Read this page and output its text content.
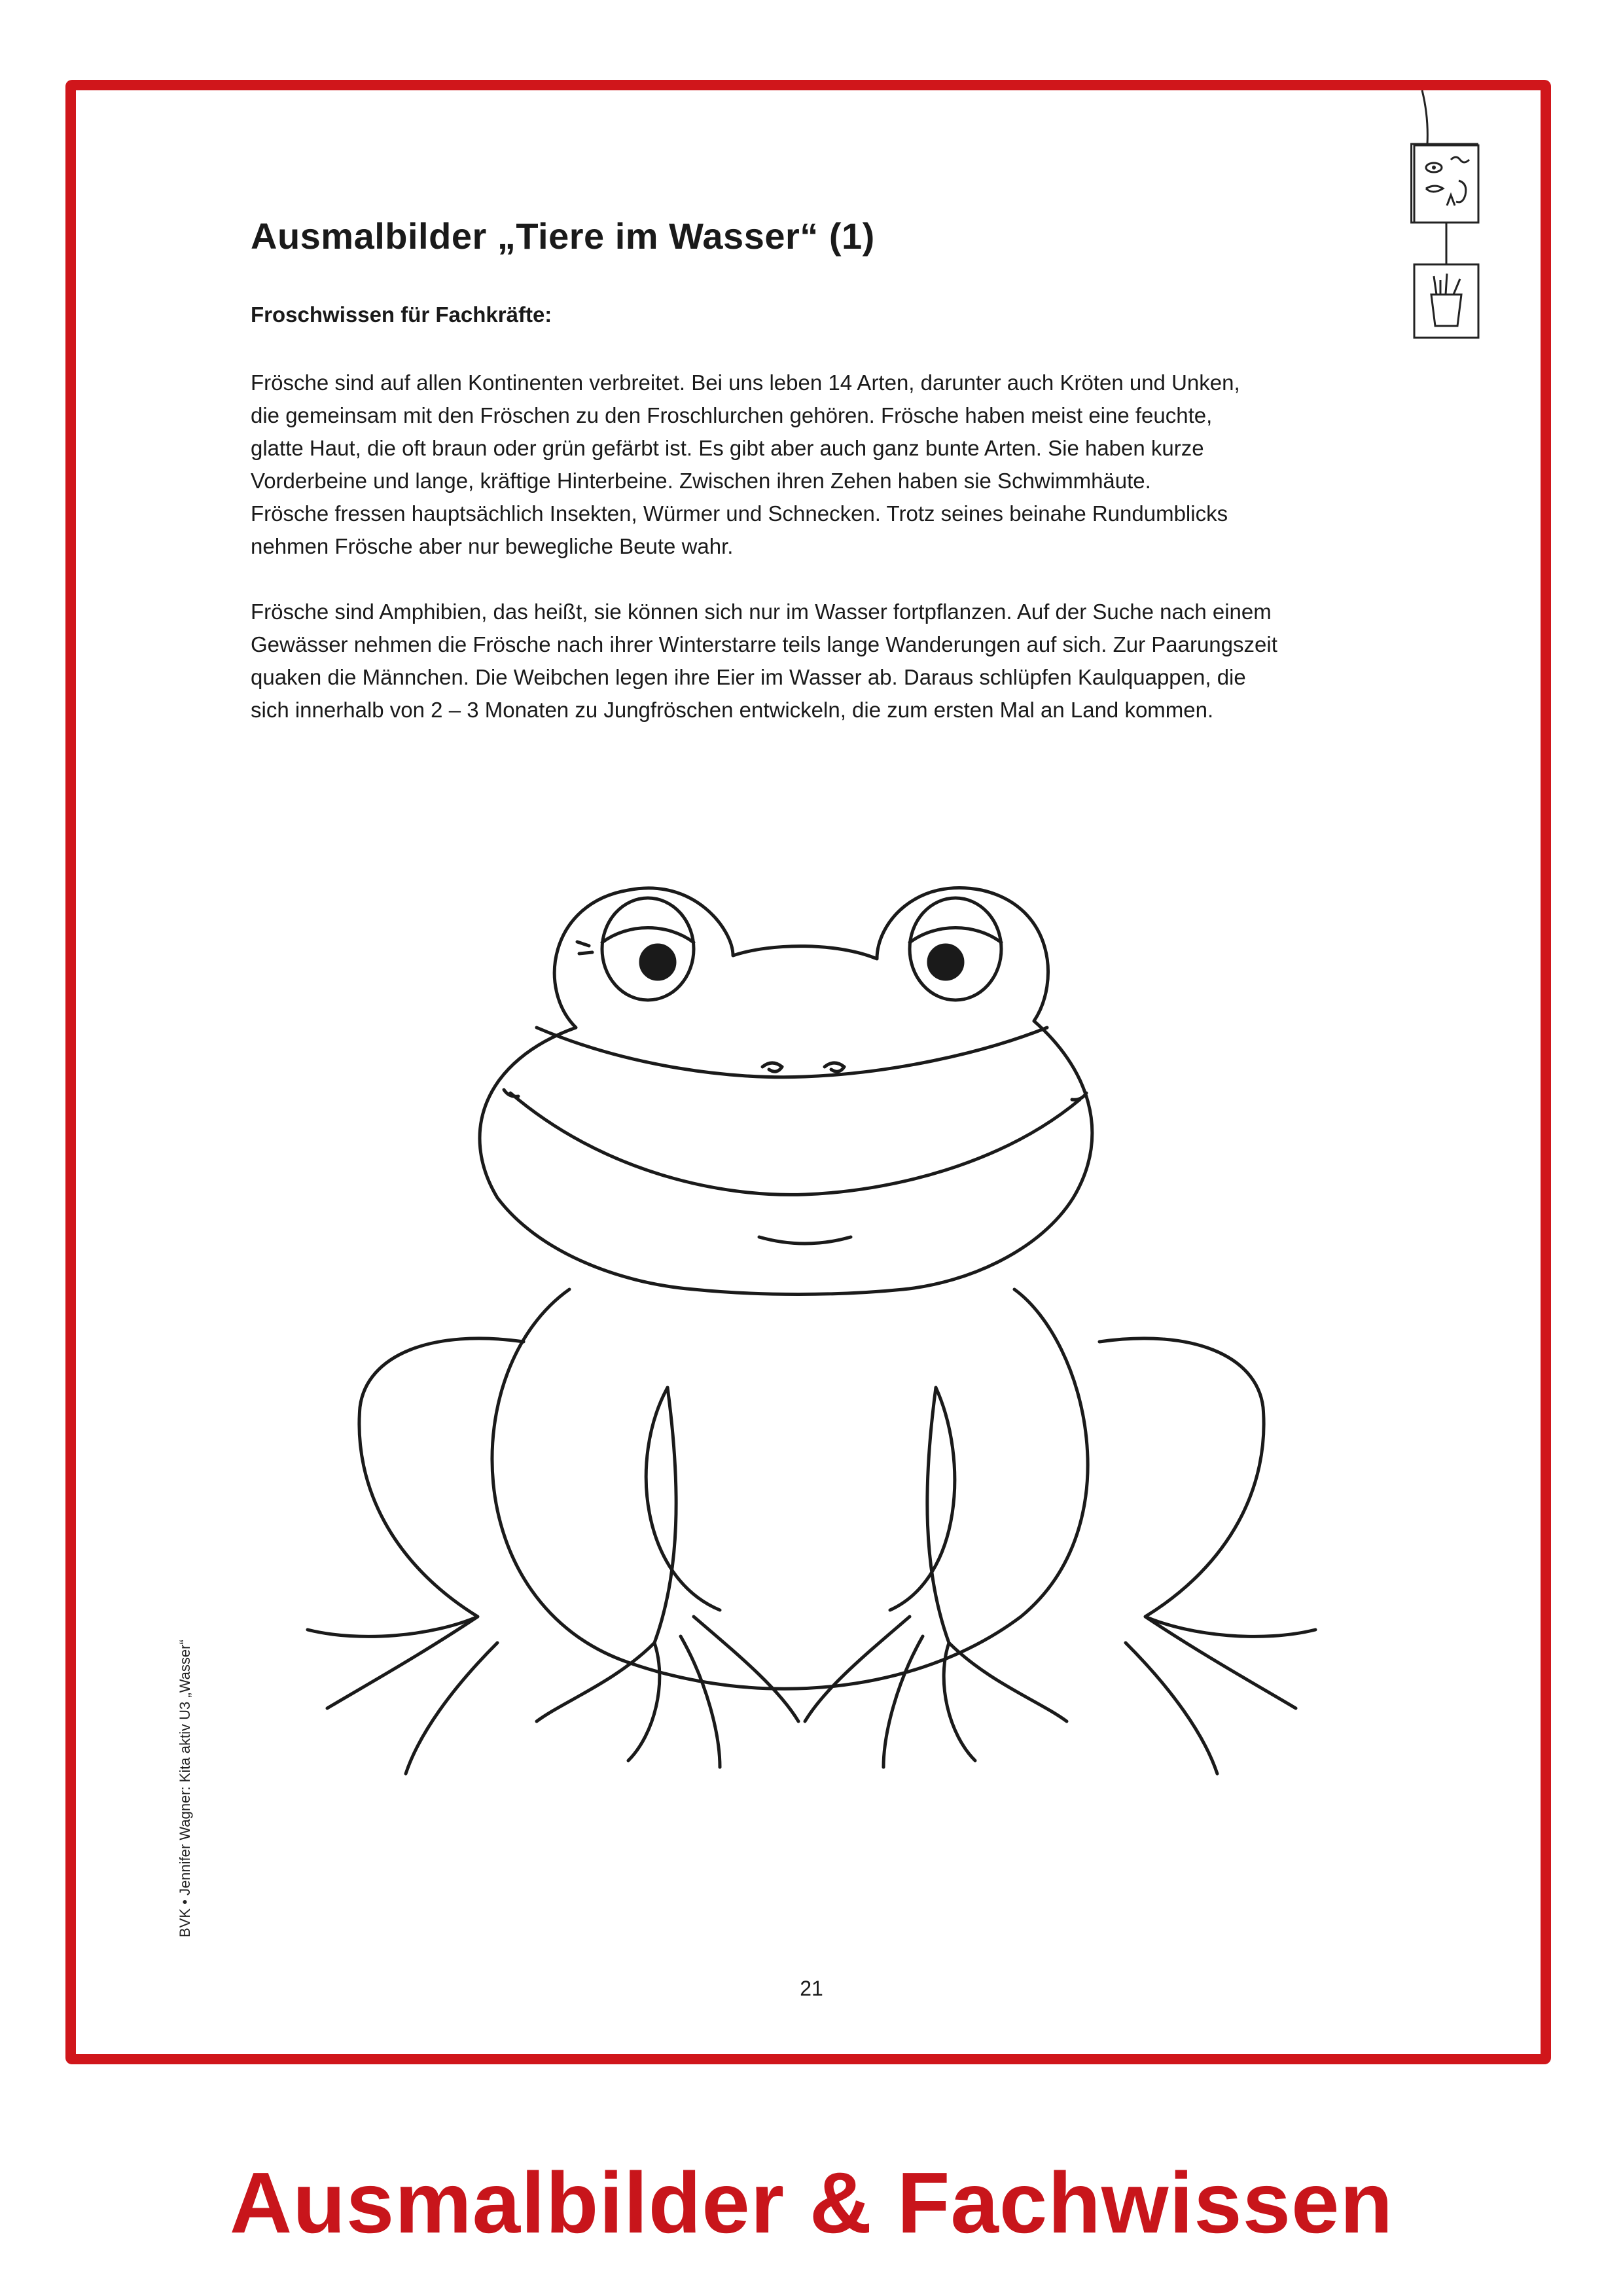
Ausmalbilder „Tiere im Wasser“ (1)
Froschwissen für Fachkräfte:

Frösche sind auf allen Kontinenten verbreitet. Bei uns leben 14 Arten, darunter auch Kröten und Unken,

die gemeinsam mit den Fröschen zu den Froschlurchen gehören. Frösche haben meist eine feuchte,

glatte Haut, die oft braun oder grün gefärbt ist. Es gibt aber auch ganz bunte Arten. Sie haben kurze

Vorderbeine und lange, kräftige Hinterbeine. Zwischen ihren Zehen haben sie Schwimmhäute.

Frösche fressen hauptsächlich Insekten, Würmer und Schnecken. Trotz seines beinahe Rundumblicks

nehmen Frösche aber nur bewegliche Beute wahr.

Frösche sind Amphibien, das heißt, sie können sich nur im Wasser fortpflanzen. Auf der Suche nach einem

Gewässer nehmen die Frösche nach ihrer Winterstarre teils lange Wanderungen auf sich. Zur Paarungszeit

quaken die Männchen. Die Weibchen legen ihre Eier im Wasser ab. Daraus schlüpfen Kaulquappen, die

sich innerhalb von 2 – 3 Monaten zu Jungfröschen entwickeln, die zum ersten Mal an Land kommen.

BVK • Jennifer Wagner: Kita aktiv U3 „Wasser“
21
Ausmalbilder & Fachwissen
